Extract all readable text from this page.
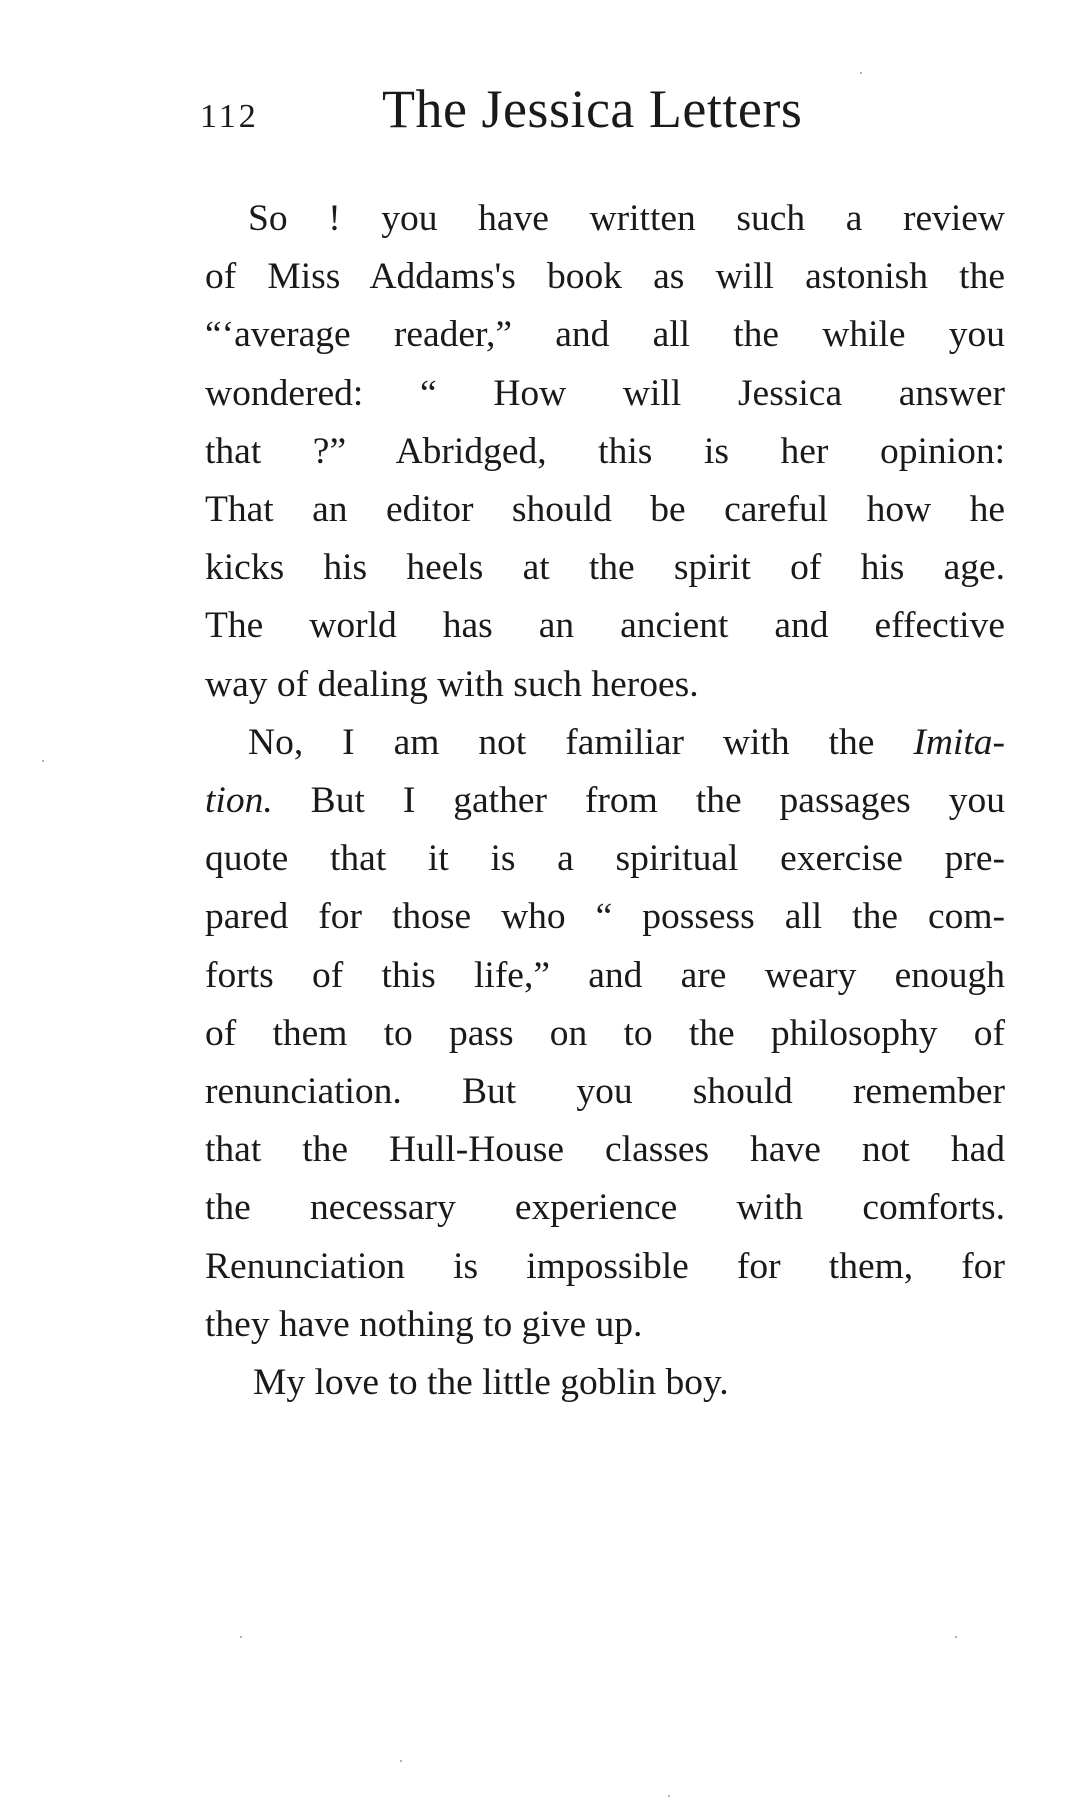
112 The Jessica Letters

So ! you have written such a review
of Miss Addams's book as will astonish the
“‘average reader,” and all the while you
wondered: “ How will Jessica answer
that ?” Abridged, this is her opinion:
That an editor should be careful how he
kicks his heels at the spirit of his age.
The world has an ancient and effective
way of dealing with such heroes.

No, I am not familiar with the Imita-
tion. But I gather from the passages you
quote that it is a spiritual exercise pre-
pared for those who “ possess all the com-
forts of this life,” and are weary enough
of them to pass on to the philosophy of
renunciation. But you should remember
that the Hull-House classes have not had
the necessary experience with comforts.
Renunciation is impossible for them, for
they have nothing to give up.

My love to the little goblin boy.
